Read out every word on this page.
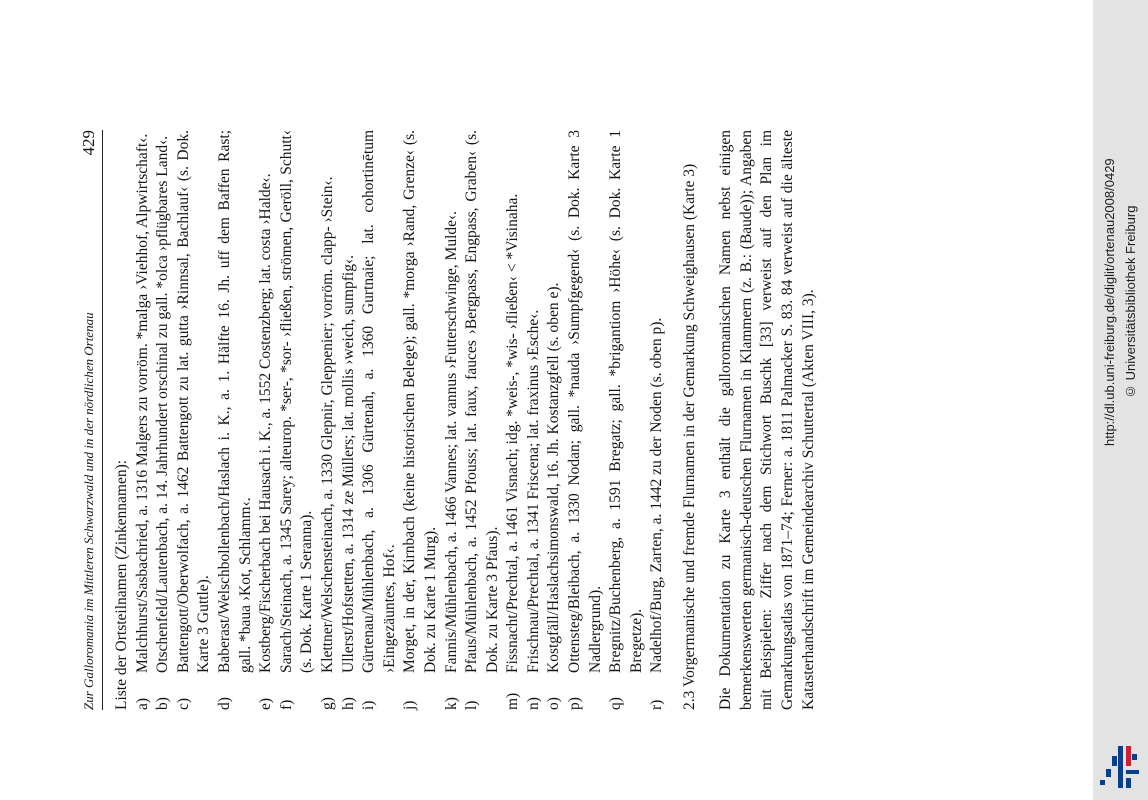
http://dl.ub.uni-freiburg.de/diglit/ortenau2008/0429 © Universitätsbibliothek Freiburg
Zur Galloromania im Mittleren Schwarzwald und in der nördlichen Ortenau
429

Liste der Ortsteilnamen (Zinkennamen): a)
Malchhurst/Sasbachried, a. 1316 Malgers zu vorröm. *malga ›Viehhof, Alpwirtschaft‹.
b)
Otschenfeld/Lautenbach, a. 14. Jahrhundert orschinal zu gall. *olca ›pflügbares Land‹.
c)
Battengott/Oberwolfach, a. 1462 Battengott zu lat. gutta ›Rinnsal, Bachlauf‹ (s. Dok. Karte 3 Guttle).
d)
Baberast/Welschbollenbach/Haslach i. K., a. 1. Hälfte 16. Jh. uff dem Baffen Rast; gall. *baua ›Kot, Schlamm‹.
e)
Kostberg/Fischerbach bei Hausach i. K., a. 1552 Costenzberg; lat. costa ›Halde‹.
f)
Sarach/Steinach, a. 1345 Sarey; alteurop. *ser-, *sor- ›fließen, strömen, Geröll, Schutt‹ (s. Dok. Karte 1 Seranna).
g)
Klettner/Welschensteinach, a. 1330 Glepnir, Gleppenier; vorröm. clapp- ›Stein‹.
h)
Ullerst/Hofstetten, a. 1314 ze Müllers; lat. mollis ›weich, sumpfig‹.
i)
Gürtenau/Mühlenbach, a. 1306 Gürtenah, a. 1360 Gurtnaie; lat. cohortinētum ›Eingezäuntes, Hof‹.
j)
Morget, in der, Kirnbach (keine historischen Belege); gall. *morga ›Rand, Grenze‹ (s. Dok. zu Karte 1 Murg).
k)
Fannis/Mühlenbach, a. 1466 Vannes; lat. vannus ›Futterschwinge, Mulde‹.
l)
Pfaus/Mühlenbach, a. 1452 Pfouss; lat. faux, fauces ›Bergpass, Engpass, Graben‹ (s. Dok. zu Karte 3 Pfaus).
m)
Fissnacht/Prechtal, a. 1461 Visnach; idg. *weis-, *wis- ›fließen‹ < *Visinaha.
n)
Frischnau/Prechtal, a. 1341 Friscena; lat. fraxinus ›Esche‹.
o)
Kostgfäll/Haslachsimonswald, 16. Jh. Kostanzgfell (s. oben e).
p)
Ottensteg/Bleibach, a. 1330 Nodan; gall. *nauda ›Sumpfgegend‹ (s. Dok. Karte 3 Nadlergrund).
q)
Bregnitz/Buchenberg, a. 1591 Bregatz; gall. *brigantiom ›Höhe‹ (s. Dok. Karte 1 Bregetze).
r)
Nadelhof/Burg, Zarten, a. 1442 zu der Noden (s. oben p). 2.3 Vorgermanische und fremde Flurnamen in der Gemarkung Schweighausen (Karte 3) Die Dokumentation zu Karte 3 enthält die galloromanischen Namen nebst einigen bemerkenswerten germanisch-deutschen Flurnamen in Klammern (z. B.: (Baude)); Angaben mit Beispielen: Ziffer nach dem Stichwort Buschk [33] verweist auf den Plan im Gemarkungsatlas von 1871–74; Ferner: a. 1811 Palmacker S. 83. 84 verweist auf die älteste Katasterhandschrift im Gemeindearchiv Schuttertal (Akten VIII, 3).
